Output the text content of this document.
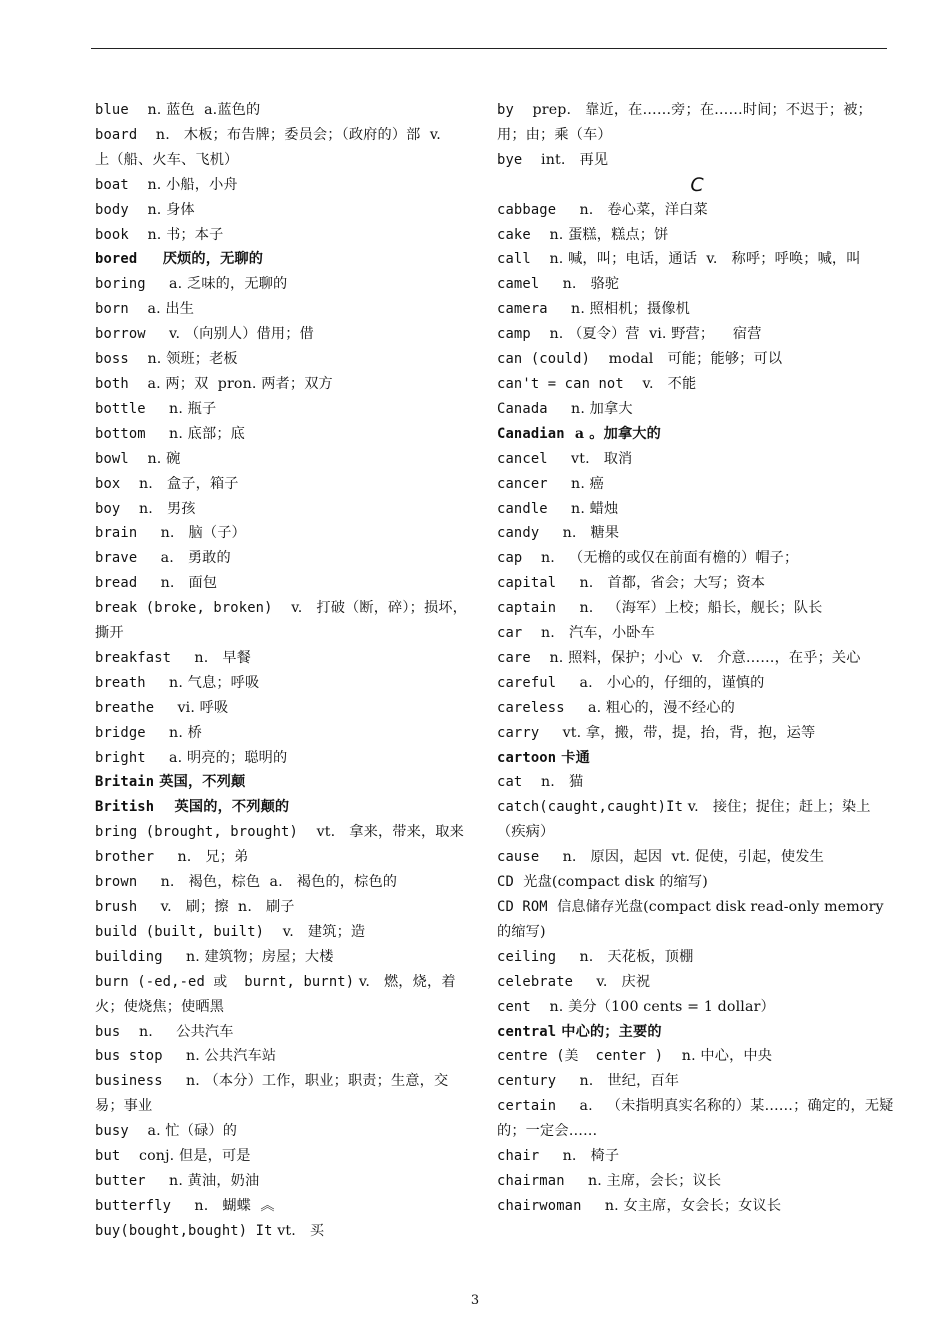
blue    n. 蓝色  a.蓝色的
board    n.   木板；布告牌；委员会；（政府的）部  v.   上（船、火车、飞机）
boat    n. 小船，小舟
body    n. 身体
book    n. 书；本子
bored     厌烦的，无聊的
boring     a. 乏味的，无聊的
born    a. 出生
borrow     v. （向别人）借用；借
boss    n. 领班；老板
both    a. 两；双  pron. 两者；双方
bottle     n. 瓶子
bottom     n. 底部；底
bowl    n. 碗
box    n.   盒子，箱子
boy    n.   男孩
brain     n.   脑（子）
brave     a.   勇敢的
bread     n.   面包
break (broke, broken)    v.   打破（断，碎）；损坏，撕开
breakfast     n.   早餐
breath     n. 气息；呼吸
breathe     vi. 呼吸
bridge     n. 桥
bright     a. 明亮的；聪明的
Britain 英国，不列颠
British    英国的，不列颠的
bring (brought, brought)    vt.   拿来，带来，取来
brother     n.   兄；弟
brown     n.   褐色，棕色  a.   褐色的，棕色的
brush     v.   刷；擦  n.   刷子
build (built, built)    v.   建筑；造
building     n. 建筑物；房屋；大楼
burn (-ed,-ed 或  burnt, burnt) v.   燃，烧，着火；使烧焦；使晒黑
bus    n.     公共汽车
bus stop     n. 公共汽车站
business     n. （本分）工作，职业；职责；生意，交易；事业
busy    a. 忙（碌）的
but    conj. 但是，可是
butter     n. 黄油，奶油
butterfly     n.   蝴蝶  ︽
buy(bought,bought) It vt.   买
by    prep.   靠近，在……旁；在……时间；不迟于；被；用；由；乘（车）
bye    int.   再见
C
cabbage     n.   卷心菜，洋白菜
cake    n. 蛋糕，糕点；饼
call    n. 喊，叫；电话，通话  v.   称呼；呼唤；喊，叫
camel     n.   骆驼
camera     n. 照相机；摄像机
camp    n. （夏令）营  vi. 野营；    宿营
can (could)    modal   可能；能够；可以
can't = can not    v.   不能
Canada     n. 加拿大
Canadian  a 。加拿大的
cancel     vt.   取消
cancer     n. 癌
candle     n. 蜡烛
candy     n.   糖果
cap    n.   （无檐的或仅在前面有檐的）帽子；
capital     n.   首都，省会；大写；资本
captain     n.   （海军）上校；船长，舰长；队长
car    n.   汽车，小卧车
care    n. 照料，保护；小心  v.   介意……，在乎；关心
careful     a.   小心的，仔细的，谨慎的
careless     a. 粗心的，漫不经心的
carry     vt. 拿，搬，带，提，抬，背，抱，运等
cartoon 卡通
cat    n.   猫
catch(caught,caught)It v.   接住；捉住；赶上；染上（疾病）
cause     n.   原因，起因  vt. 促使，引起，使发生
CD  光盘(compact disk 的缩写)
CD ROM  信息储存光盘(compact disk read-only memory的缩写)
ceiling     n.   天花板，顶棚
celebrate     v.   庆祝
cent    n. 美分（100 cents = 1 dollar）
central 中心的；主要的
centre (美  center )    n. 中心，中央
century     n.   世纪，百年
certain     a.   （未指明真实名称的）某……；确定的，无疑的；一定会……
chair     n.   椅子
chairman     n. 主席，会长；议长
chairwoman     n. 女主席，女会长；女议长
3
